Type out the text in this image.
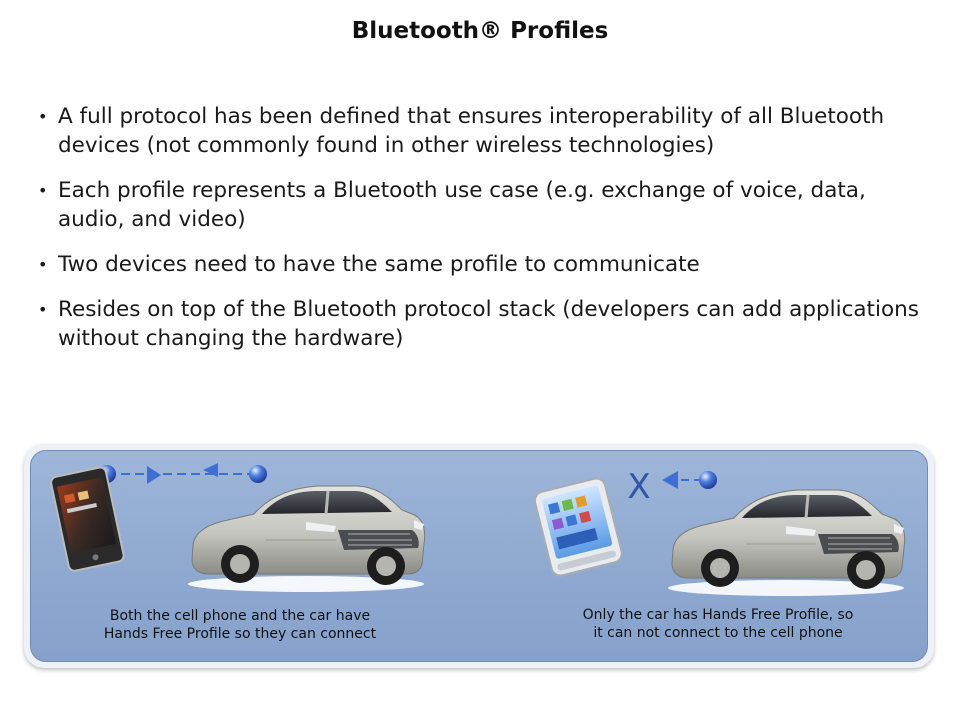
Bluetooth® Profiles
• A full protocol has been defined that ensures interoperability of all Bluetooth devices (not commonly found in other wireless technologies)
• Each profile represents a Bluetooth use case (e.g. exchange of voice, data, audio, and video)
• Two devices need to have the same profile to communicate
• Resides on top of the Bluetooth protocol stack (developers can add applications without changing the hardware)
X
Both the cell phone and the car have
Hands Free Profile so they can connect
Only the car has Hands Free Profile, so
it can not connect to the cell phone
